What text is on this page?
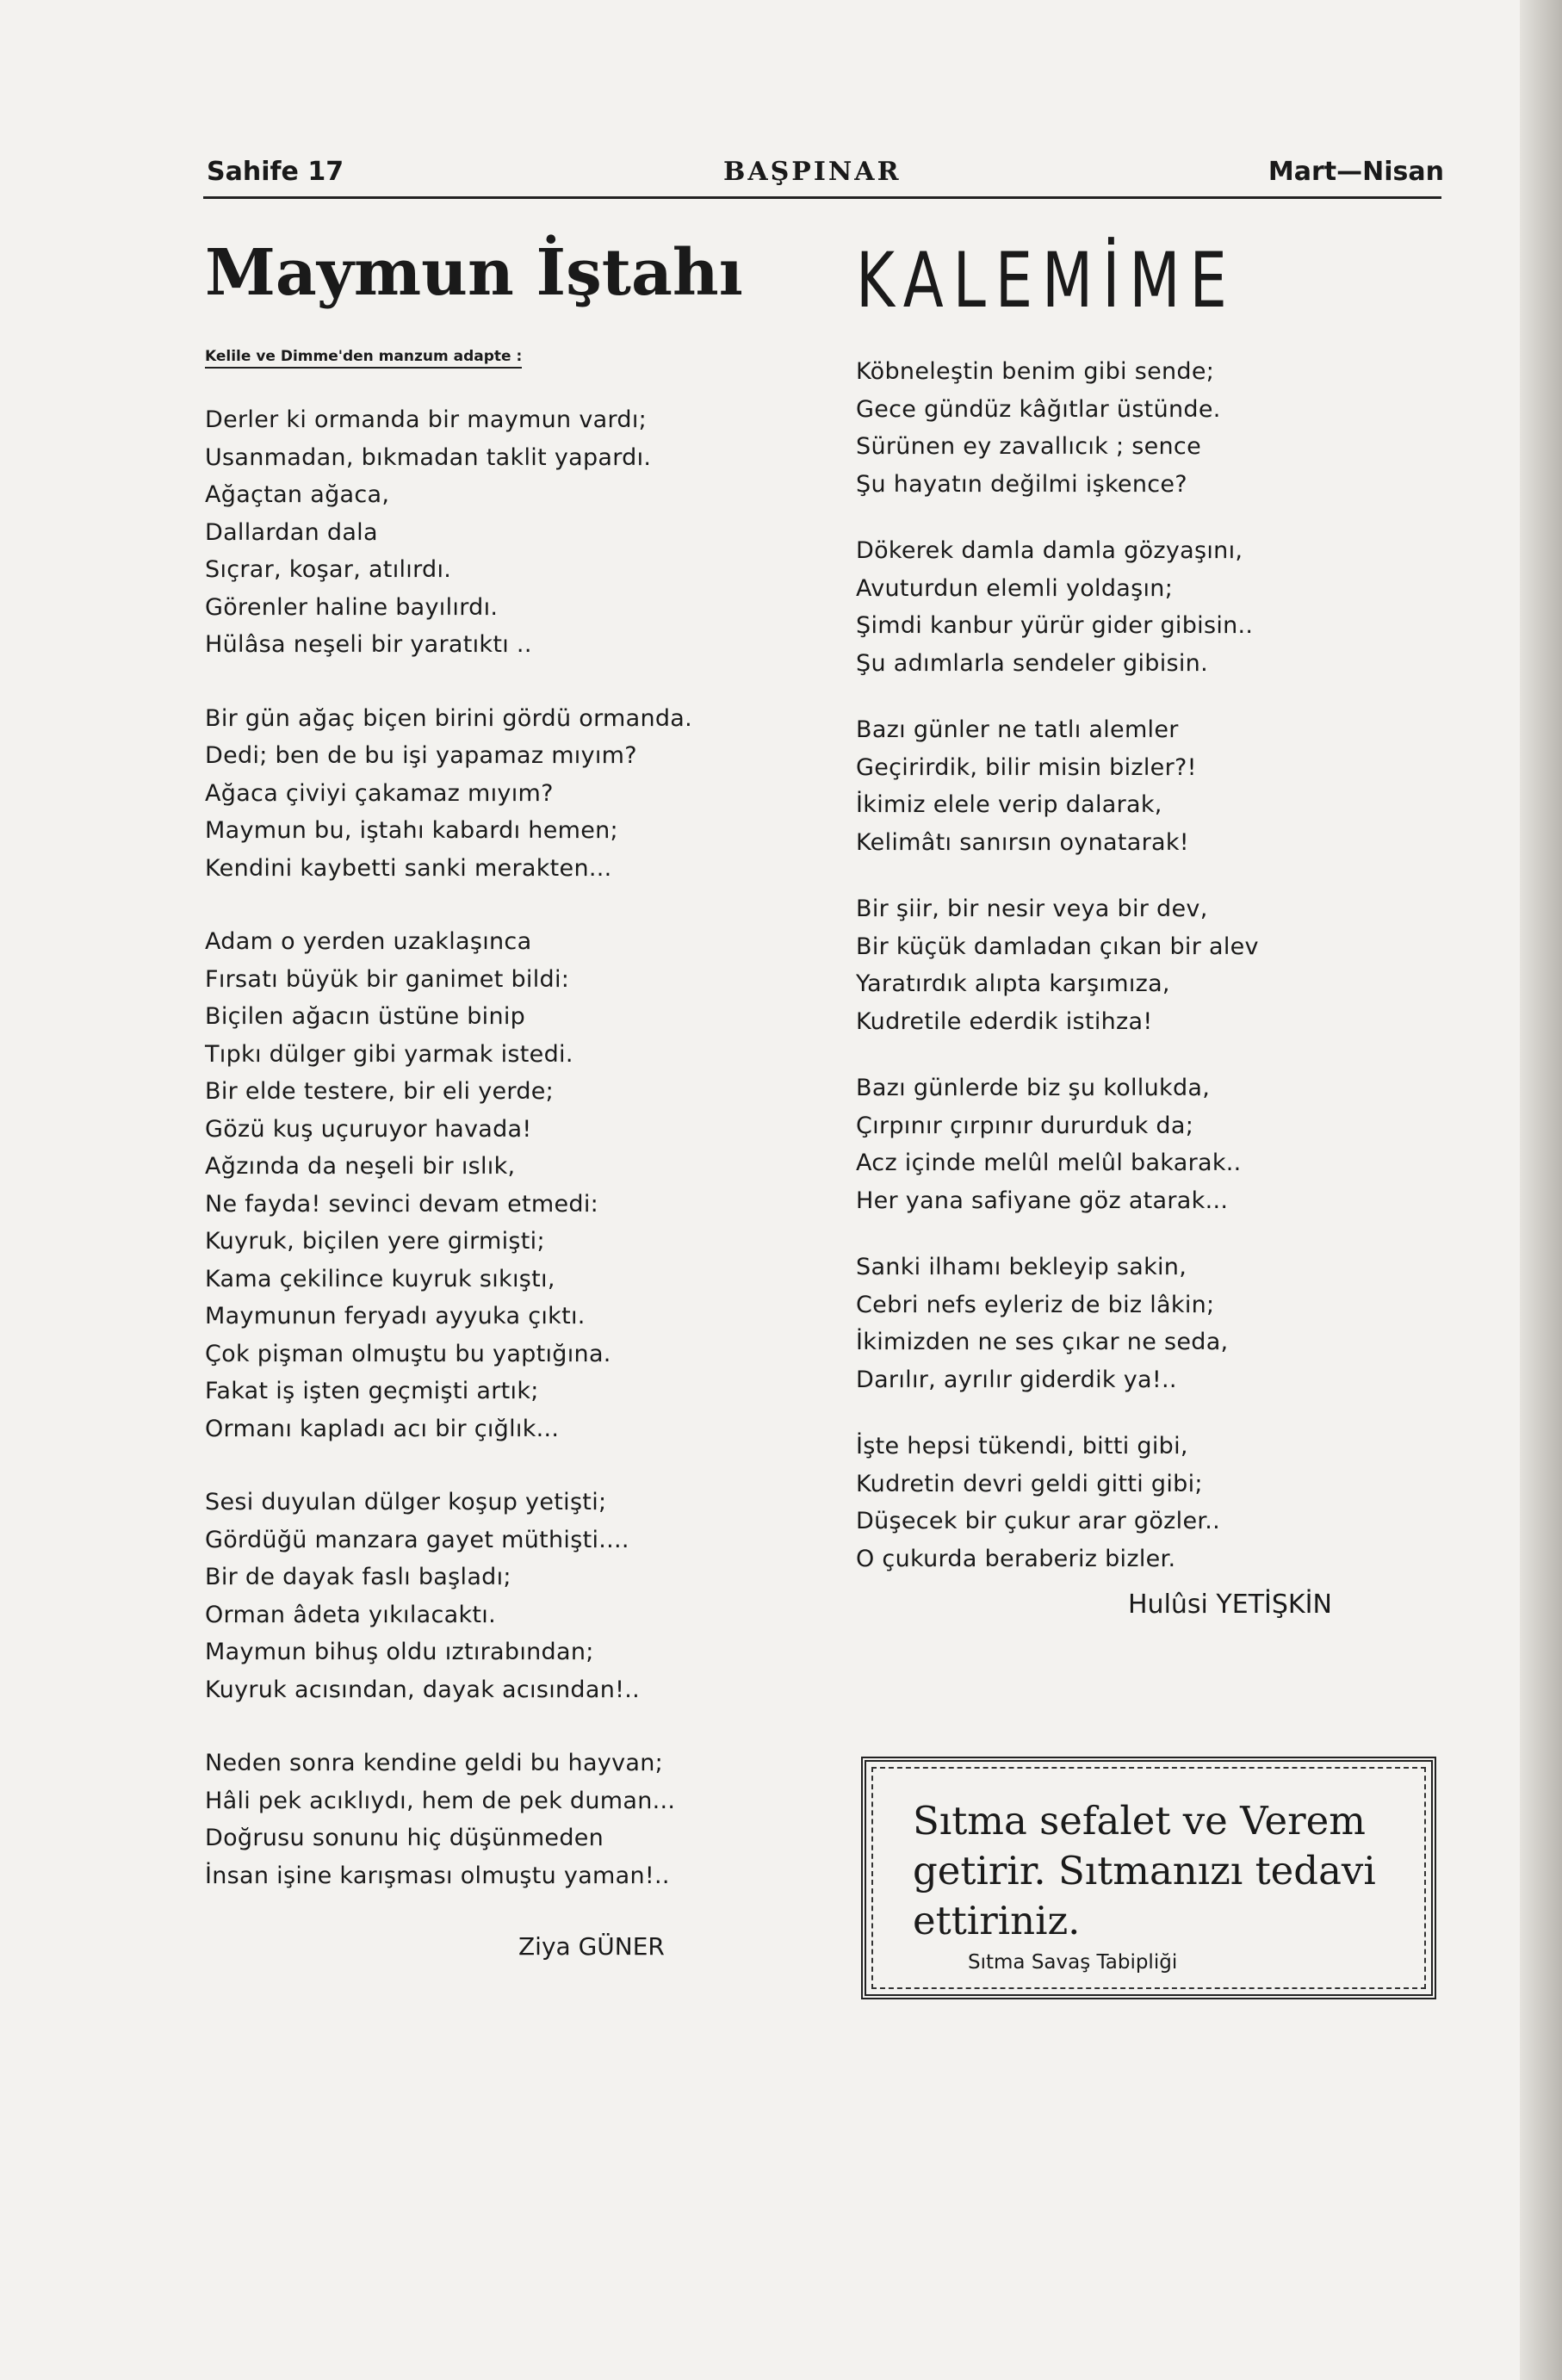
Sahife 17	BAŞPINAR	Mart—Nisan
Maymun İştahı
Kelile ve Dimme'den manzum adapte :
Derler ki ormanda bir maymun vardı;
Usanmadan, bıkmadan taklit yapardı.
Ağaçtan ağaca,
Dallardan dala
Sıçrar, koşar, atılırdı.
Görenler haline bayılırdı.
Hülâsa neşeli bir yaratıktı ..
Bir gün ağaç biçen birini gördü ormanda.
Dedi; ben de bu işi yapamaz mıyım?
Ağaca çiviyi çakamaz mıyım?
Maymun bu, iştahı kabardı hemen;
Kendini kaybetti sanki merakten...
Adam o yerden uzaklaşınca
Fırsatı büyük bir ganimet bildi:
Biçilen ağacın üstüne binip
Tıpkı dülger gibi yarmak istedi.
Bir elde testere, bir eli yerde;
Gözü kuş uçuruyor havada!
Ağzında da neşeli bir ıslık,
Ne fayda! sevinci devam etmedi:
Kuyruk, biçilen yere girmişti;
Kama çekilince kuyruk sıkıştı,
Maymunun feryadı ayyuka çıktı.
Çok pişman olmuştu bu yaptığına.
Fakat iş işten geçmişti artık;
Ormanı kapladı acı bir çığlık...
Sesi duyulan dülger koşup yetişti;
Gördüğü manzara gayet müthişti....
Bir de dayak faslı başladı;
Orman âdeta yıkılacaktı.
Maymun bihuş oldu ıztırabından;
Kuyruk acısından, dayak acısından!..
Neden sonra kendine geldi bu hayvan;
Hâli pek acıklıydı, hem de pek duman...
Doğrusu sonunu hiç düşünmeden
İnsan işine karışması olmuştu yaman!..
Ziya GÜNER
KALEMİME
Köbneleştin benim gibi sende;
Gece gündüz kâğıtlar üstünde.
Sürünen ey zavallıcık ; sence
Şu hayatın değilmi işkence?
Dökerek damla damla gözyaşını,
Avuturdun elemli yoldaşın;
Şimdi kanbur yürür gider gibisin..
Şu adımlarla sendeler gibisin.
Bazı günler ne tatlı alemler
Geçirirdik, bilir misin bizler?!
İkimiz elele verip dalarak,
Kelimâtı sanırsın oynatarak!
Bir şiir, bir nesir veya bir dev,
Bir küçük damladan çıkan bir alev
Yaratırdık alıpta karşımıza,
Kudretile ederdik istihza!
Bazı günlerde biz şu kollukda,
Çırpınır çırpınır dururduk da;
Acz içinde melûl melûl bakarak..
Her yana safiyane göz atarak...
Sanki ilhamı bekleyip sakin,
Cebri nefs eyleriz de biz lâkin;
İkimizden ne ses çıkar ne seda,
Darılır, ayrılır giderdik ya!..
İşte hepsi tükendi, bitti gibi,
Kudretin devri geldi gitti gibi;
Düşecek bir çukur arar gözler..
O çukurda beraberiz bizler.
Hulûsi YETİŞKİN
Sıtma sefalet ve Verem getirir. Sıtmanızı tedavi ettiriniz.
Sıtma Savaş Tabipliği
